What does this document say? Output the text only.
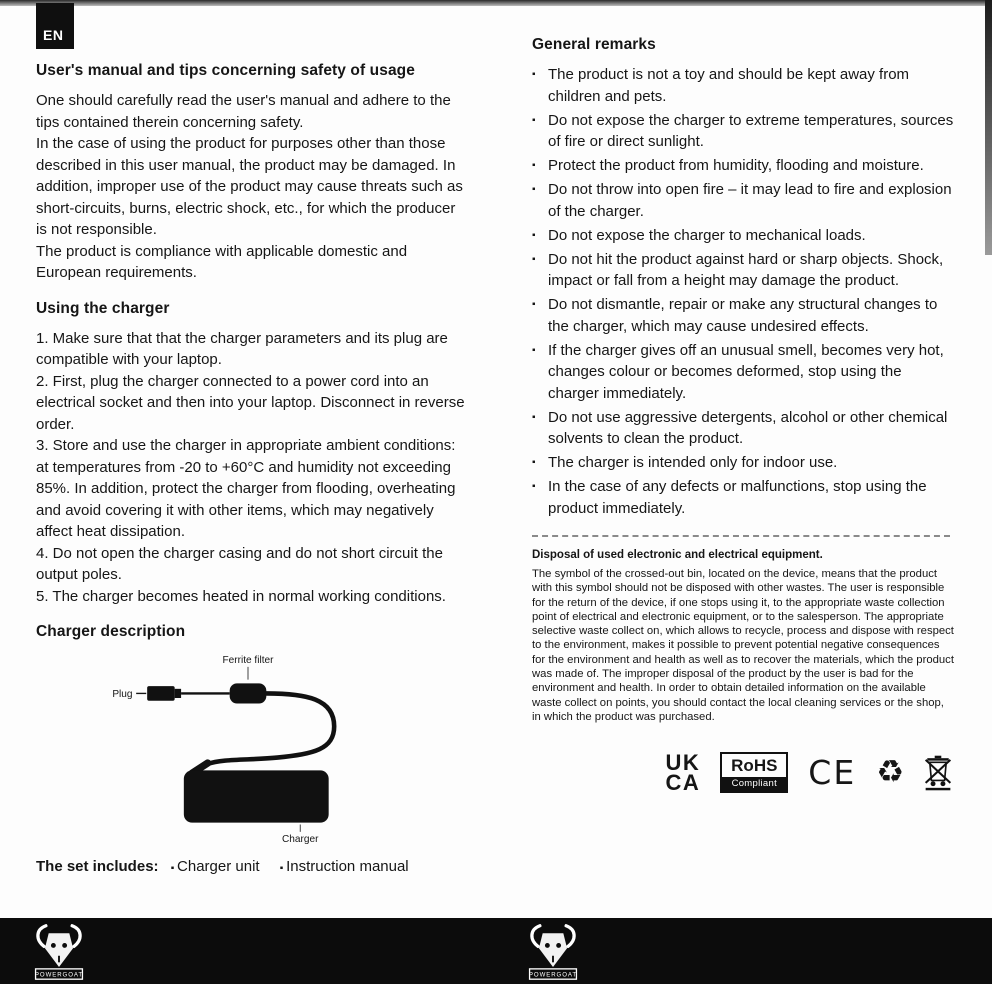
EN
User's manual and tips concerning safety of usage

One should carefully read the user's manual and adhere to the tips contained therein concerning safety.

In the case of using the product for purposes other than those described in this user manual, the product may be damaged. In addition, improper use of the product may cause threats such as short-circuits, burns, electric shock, etc., for which the producer is not responsible.

The product is compliance with applicable domestic and European requirements.

Using the charger

1. Make sure that that the charger parameters and its plug are compatible with your laptop.

2. First, plug the charger connected to a power cord into an electrical socket and then into your laptop. Disconnect in reverse order.

3. Store and use the charger in appropriate ambient conditions: at temperatures from -20 to +60°C and humidity not exceeding 85%. In addition, protect the charger from flooding, overheating and avoid covering it with other items, which may negatively affect heat dissipation.

4. Do not open the charger casing and do not short circuit the output poles.

5. The charger becomes heated in normal working conditions.

Charger description
Ferrite filter
Plug
Charger
The set includes: ▪ Charger unit ▪ Instruction manual
General remarks
▪ The product is not a toy and should be kept away from children and pets.
▪ Do not expose the charger to extreme temperatures, sources of fire or direct sunlight.
▪ Protect the product from humidity, flooding and moisture.
▪ Do not throw into open fire – it may lead to fire and explosion of the charger.
▪ Do not expose the charger to mechanical loads.
▪ Do not hit the product against hard or sharp objects. Shock, impact or fall from a height may damage the product.
▪ Do not dismantle, repair or make any structural changes to the charger, which may cause undesired effects.
▪ If the charger gives off an unusual smell, becomes very hot, changes colour or becomes deformed, stop using the charger immediately.
▪ Do not use aggressive detergents, alcohol or other chemical solvents to clean the product.
▪ The charger is intended only for indoor use.
▪ In the case of any defects or malfunctions, stop using the product immediately.
Disposal of used electronic and electrical equipment.

The symbol of the crossed-out bin, located on the device, means that the product with this symbol should not be disposed with other wastes. The user is responsible for the return of the device, if one stops using it, to the appropriate waste collection point of electrical and electronic equipment, or to the salesperson. The appropriate selective waste collect on, which allows to recycle, process and dispose with respect to the environment, makes it possible to prevent potential negative consequences for the environment and health as well as to recover the materials, which the product was made of. The improper disposal of the product by the user is bad for the environment and health. In order to obtain detailed information on the available waste collect on points, you should contact the local cleaning services or the shop, in which the product was purchased.

UK
CA
RoHS
Compliant CE ♻
POWERGOAT	POWERGOAT
